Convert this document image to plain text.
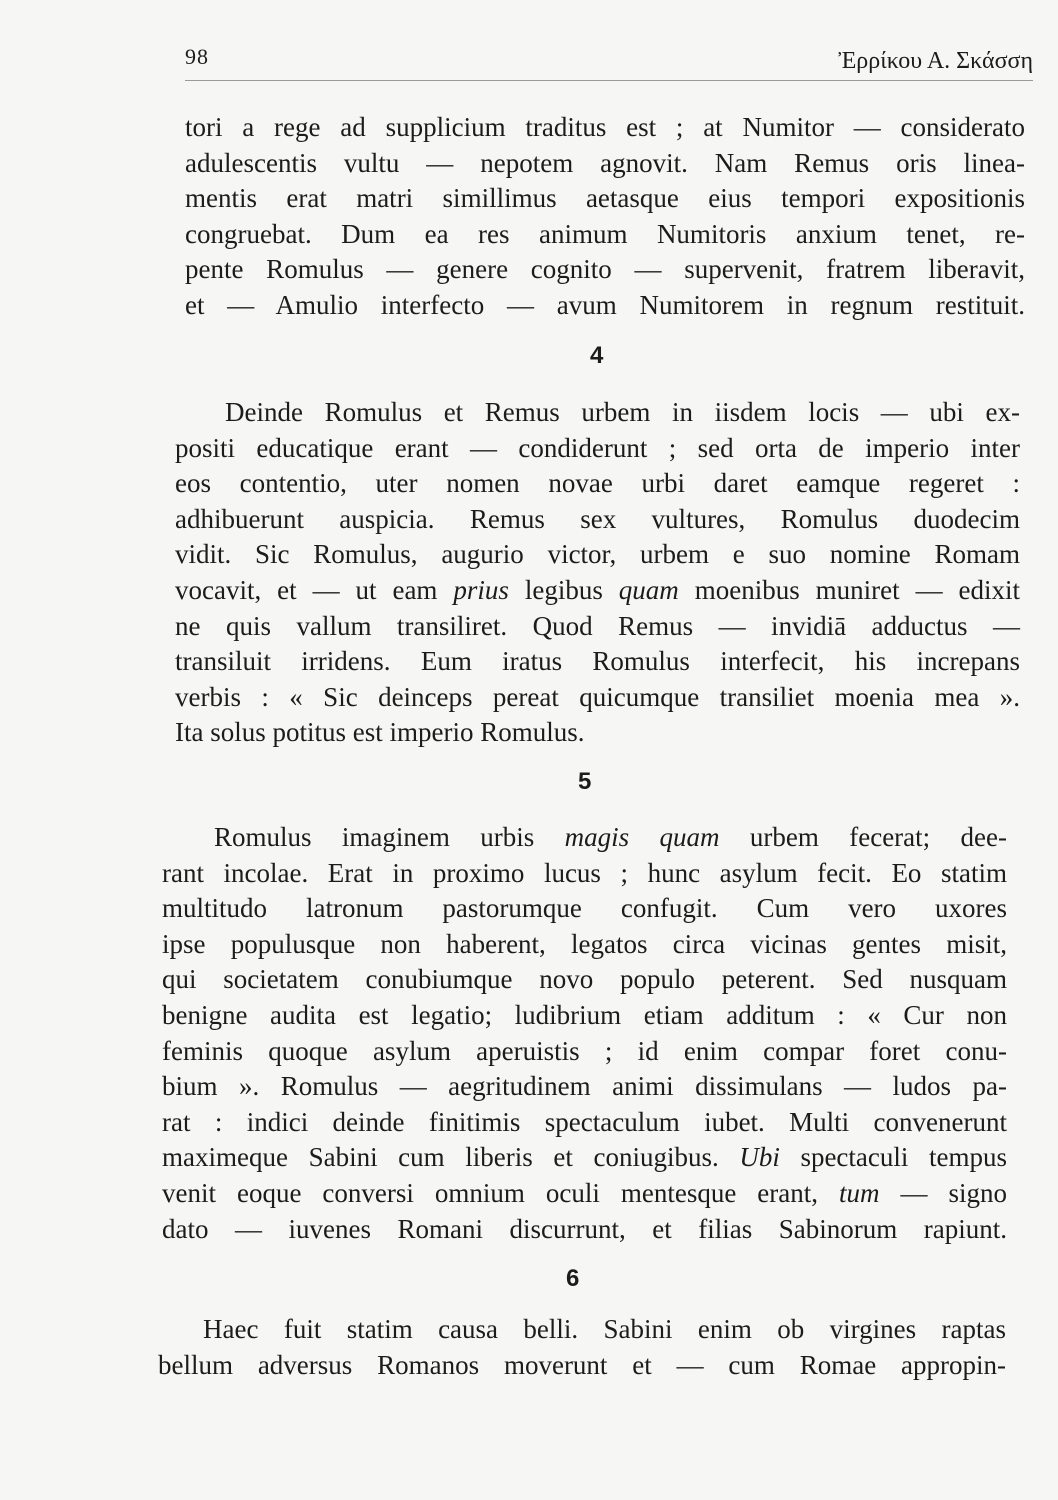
98	Ἐρρίκου Α. Σκάσση
tori a rege ad supplicium traditus est ; at Numitor — considerato
adulescentis vultu — nepotem agnovit. Nam Remus oris linea-
mentis erat matri simillimus aetasque eius tempori expositionis
congruebat. Dum ea res animum Numitoris anxium tenet, re-
pente Romulus — genere cognito — supervenit, fratrem liberavit,
et — Amulio interfecto — avum Numitorem in regnum restituit.
4
Deinde Romulus et Remus urbem in iisdem locis — ubi ex-
positi educatique erant — condiderunt ; sed orta de imperio inter
eos contentio, uter nomen novae urbi daret eamque regeret :
adhibuerunt auspicia. Remus sex vultures, Romulus duodecim
vidit. Sic Romulus, augurio victor, urbem e suo nomine Romam
vocavit, et — ut eam prius legibus quam moenibus muniret — edixit
ne quis vallum transiliret. Quod Remus — invidiā adductus —
transiluit irridens. Eum iratus Romulus interfecit, his increpans
verbis : « Sic deinceps pereat quicumque transiliet moenia mea ».
Ita solus potitus est imperio Romulus.
5
Romulus imaginem urbis magis quam urbem fecerat; dee-
rant incolae. Erat in proximo lucus ; hunc asylum fecit. Eo statim
multitudo latronum pastorumque confugit. Cum vero uxores
ipse populusque non haberent, legatos circa vicinas gentes misit,
qui societatem conubiumque novo populo peterent. Sed nusquam
benigne audita est legatio; ludibrium etiam additum : « Cur non
feminis quoque asylum aperuistis ; id enim compar foret conu-
bium ». Romulus — aegritudinem animi dissimulans — ludos pa-
rat : indici deinde finitimis spectaculum iubet. Multi convenerunt
maximeque Sabini cum liberis et coniugibus. Ubi spectaculi tempus
venit eoque conversi omnium oculi mentesque erant, tum — signo
dato — iuvenes Romani discurrunt, et filias Sabinorum rapiunt.
6
Haec fuit statim causa belli. Sabini enim ob virgines raptas
bellum adversus Romanos moverunt et — cum Romae appropin-
